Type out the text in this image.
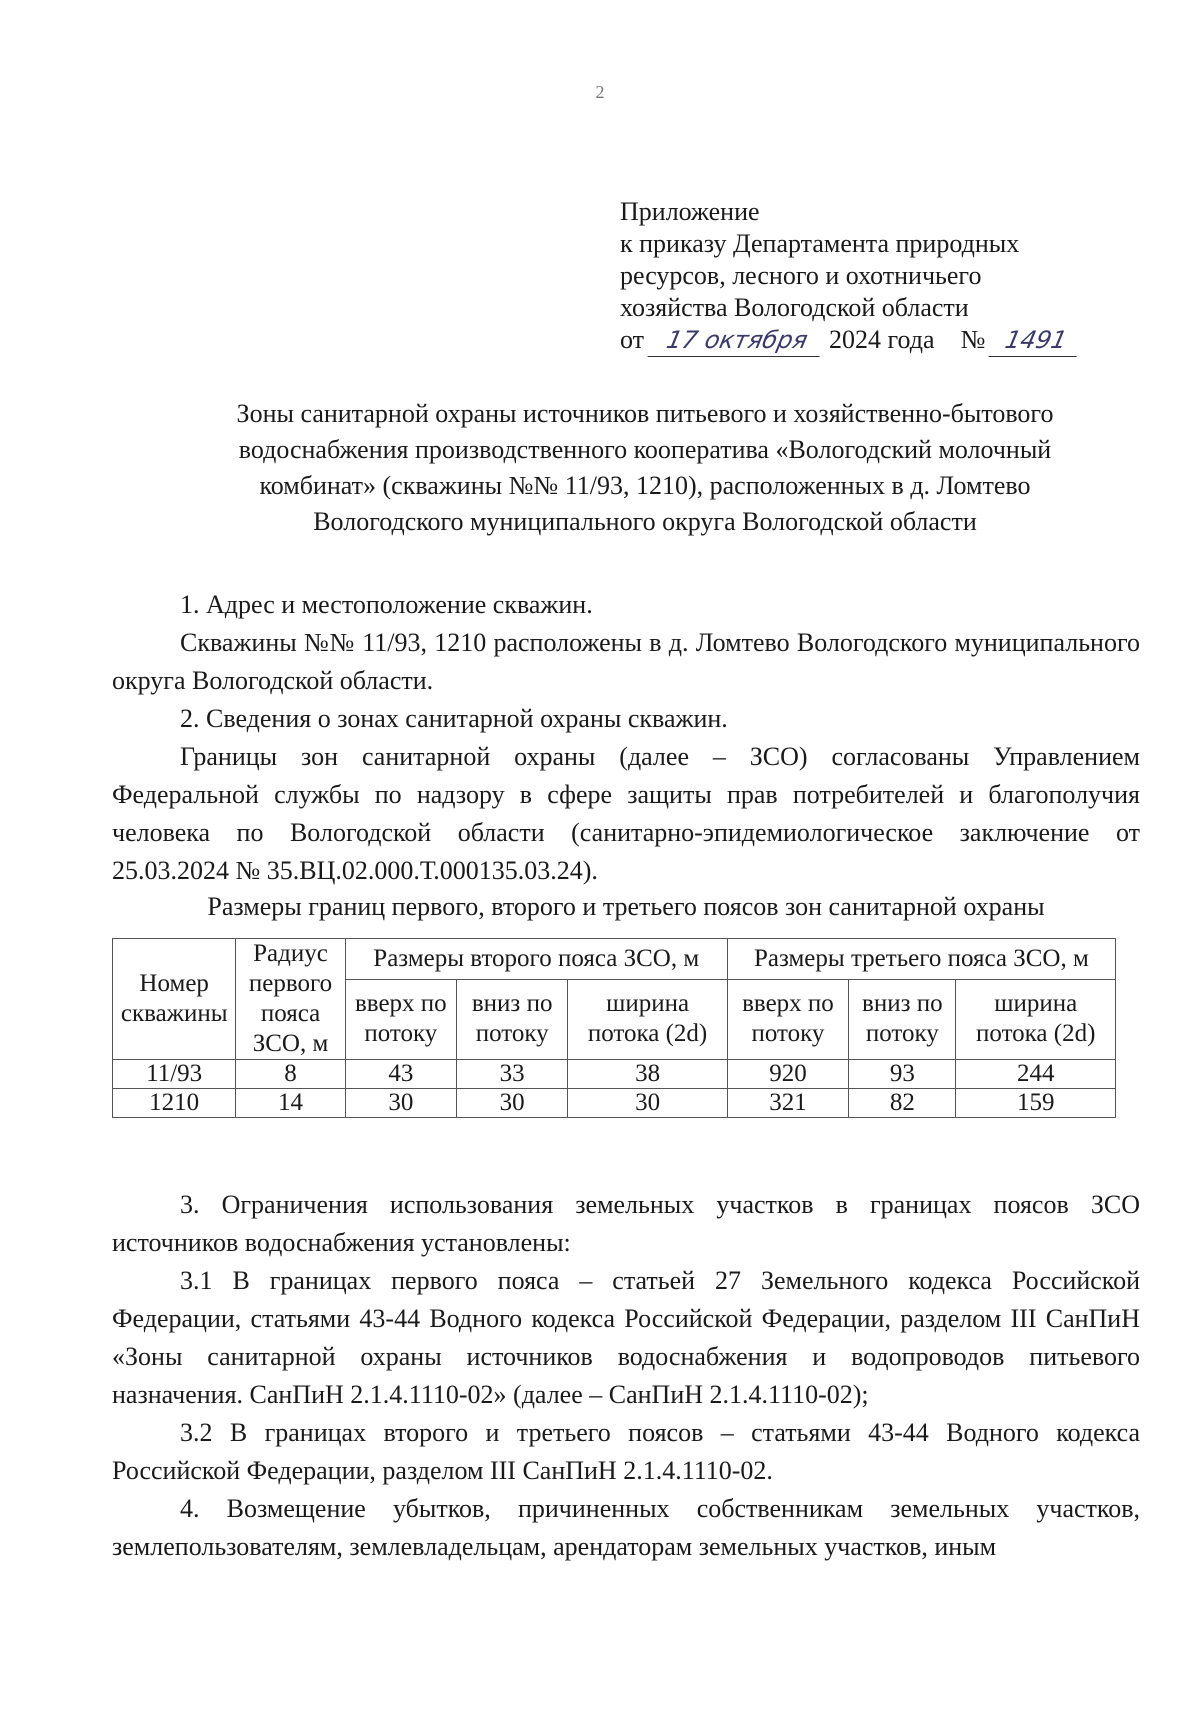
2
Приложение
к приказу Департамента природных
ресурсов, лесного и охотничьего
хозяйства Вологодской области
от 17 октября 2024 года № 1491
Зоны санитарной охраны источников питьевого и хозяйственно-бытового
водоснабжения производственного кооператива «Вологодский молочный
комбинат» (скважины №№ 11/93, 1210), расположенных в д. Ломтево
Вологодского муниципального округа Вологодской области

1. Адрес и местоположение скважин.

Скважины №№ 11/93, 1210 расположены в д. Ломтево Вологодского муниципального округа Вологодской области.

2. Сведения о зонах санитарной охраны скважин.

Границы зон санитарной охраны (далее – ЗСО) согласованы Управлением Федеральной службы по надзору в сфере защиты прав потребителей и благополучия человека по Вологодской области (санитарно-эпидемиологическое заключение от 25.03.2024 № 35.ВЦ.02.000.Т.000135.03.24).

Размеры границ первого, второго и третьего поясов зон санитарной охраны
Номер скважины	Радиус первого пояса ЗСО, м	Размеры второго пояса ЗСО, м			Размеры третьего пояса ЗСО, м		
		вверх по потоку	вниз по потоку	ширина потока (2d)	вверх по потоку	вниз по потоку	ширина потока (2d)
11/93	8	43	33	38	920	93	244
1210	14	30	30	30	321	82	159

3. Ограничения использования земельных участков в границах поясов ЗСО источников водоснабжения установлены:

3.1 В границах первого пояса – статьей 27 Земельного кодекса Российской Федерации, статьями 43-44 Водного кодекса Российской Федерации, разделом III СанПиН «Зоны санитарной охраны источников водоснабжения и водопроводов питьевого назначения. СанПиН 2.1.4.1110-02» (далее – СанПиН 2.1.4.1110-02);

3.2 В границах второго и третьего поясов – статьями 43-44 Водного кодекса Российской Федерации, разделом III СанПиН 2.1.4.1110-02.

4. Возмещение убытков, причиненных собственникам земельных участков, землепользователям, землевладельцам, арендаторам земельных участков, иным
